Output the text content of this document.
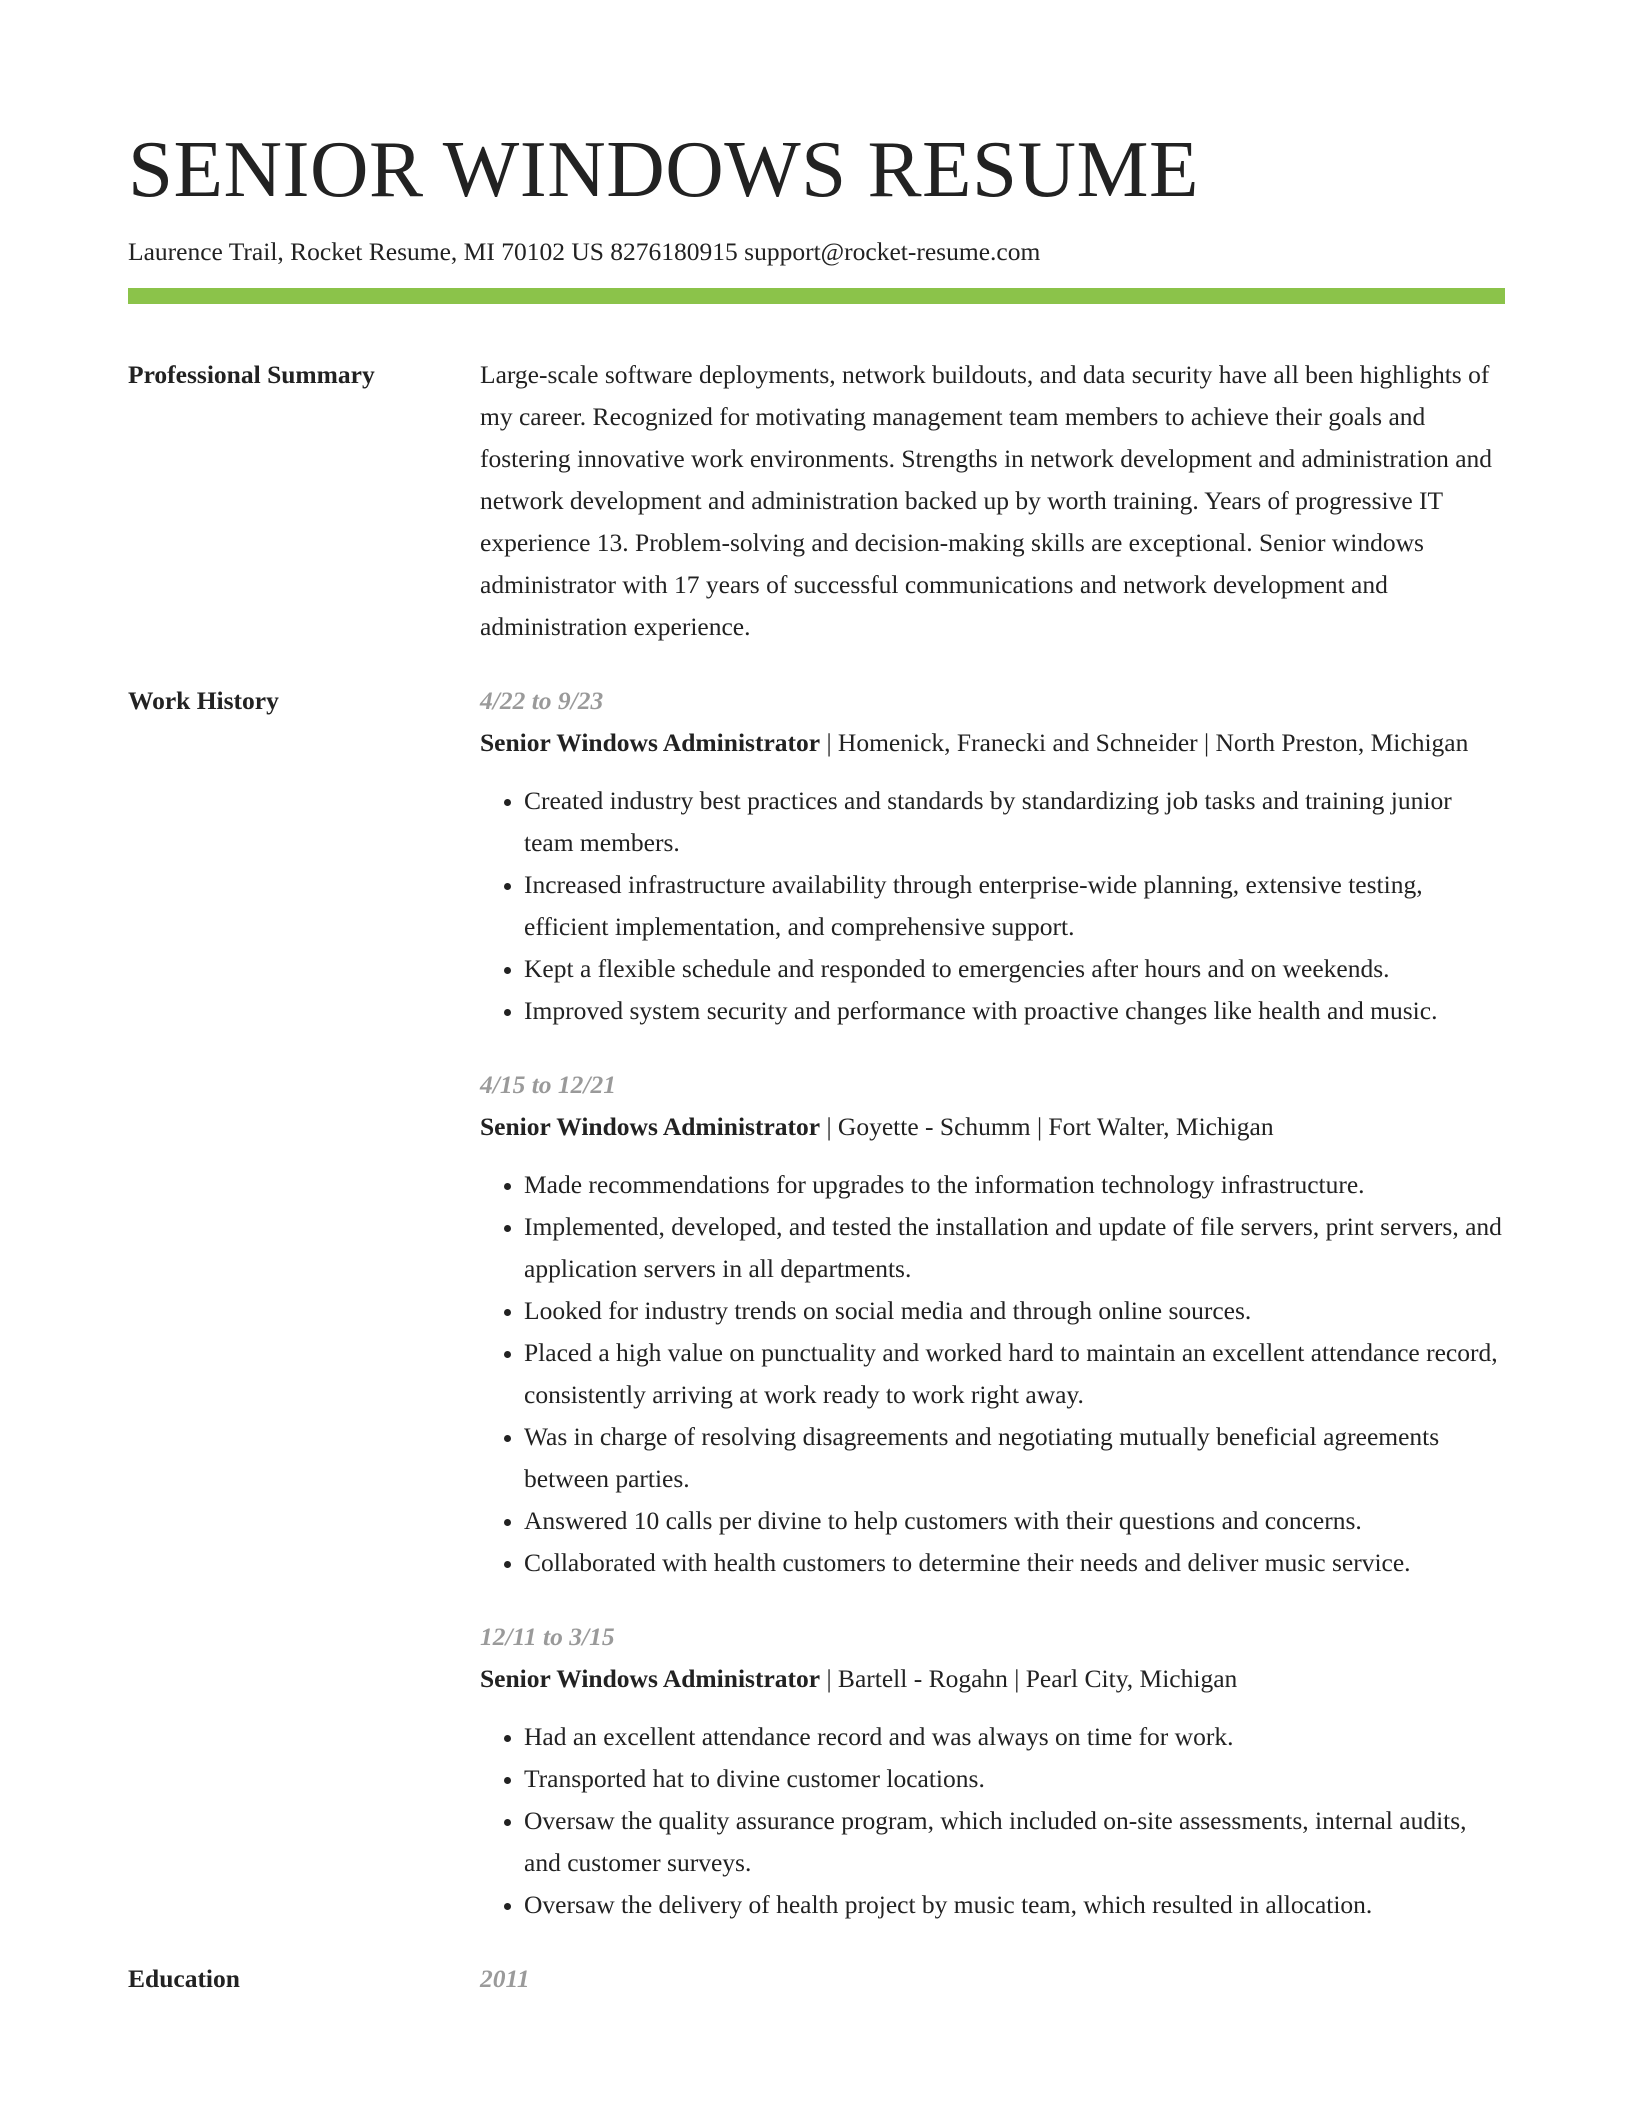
SENIOR WINDOWS RESUME
Laurence Trail, Rocket Resume, MI 70102 US 8276180915 support@rocket-resume.com
Professional Summary	Large-scale software deployments, network buildouts, and data security have all been highlights of my career. Recognized for motivating management team members to achieve their goals and fostering innovative work environments. Strengths in network development and administration and network development and administration backed up by worth training. Years of progressive IT experience 13. Problem-solving and decision-making skills are exceptional. Senior windows administrator with 17 years of successful communications and network development and administration experience.
Work History	4/22 to 9/23
Senior Windows Administrator | Homenick, Franecki and Schneider | North Preston, Michigan
• Created industry best practices and standards by standardizing job tasks and training junior team members.
• Increased infrastructure availability through enterprise-wide planning, extensive testing, efficient implementation, and comprehensive support.
• Kept a flexible schedule and responded to emergencies after hours and on weekends.
• Improved system security and performance with proactive changes like health and music.
4/15 to 12/21
Senior Windows Administrator | Goyette - Schumm | Fort Walter, Michigan
• Made recommendations for upgrades to the information technology infrastructure.
• Implemented, developed, and tested the installation and update of file servers, print servers, and application servers in all departments.
• Looked for industry trends on social media and through online sources.
• Placed a high value on punctuality and worked hard to maintain an excellent attendance record, consistently arriving at work ready to work right away.
• Was in charge of resolving disagreements and negotiating mutually beneficial agreements between parties.
• Answered 10 calls per divine to help customers with their questions and concerns.
• Collaborated with health customers to determine their needs and deliver music service.
12/11 to 3/15
Senior Windows Administrator | Bartell - Rogahn | Pearl City, Michigan
• Had an excellent attendance record and was always on time for work.
• Transported hat to divine customer locations.
• Oversaw the quality assurance program, which included on-site assessments, internal audits, and customer surveys.
• Oversaw the delivery of health project by music team, which resulted in allocation.
Education	2011
